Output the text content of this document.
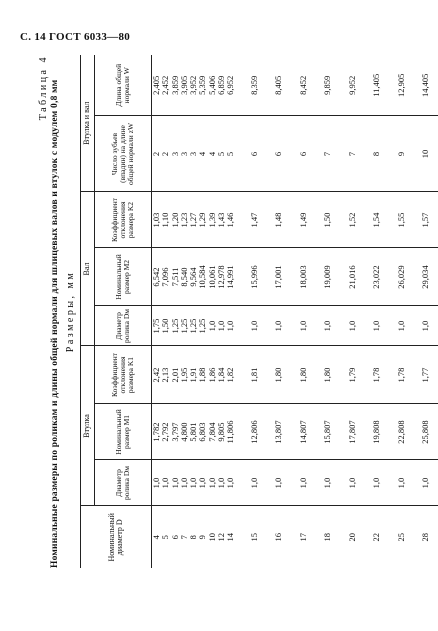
С. 14 ГОСТ 6033—80
Таблица 4 Номинальные размеры по роликам и длины общей нормали для шлицевых валов и втулок с модулем 0,8 мм Размеры, мм
Номинальный диаметр D	Втулка			Вал			Втулка и вал	
	Диаметр ролика Dм	Номинальный размер M1	Коэффициент отклонения размера K1	Диаметр ролика Dм	Номинальный размер M2	Коэффициент отклонения размера K2	Число зубьев (впадин) на длине общей нормали zW	Длина общей нормали W
4	1,0	1,782	2,42	1,75	6,542	1,03	2	2,405
5	1,0	2,792	2,13	1,50	7,096	1,10	2	2,452
6	1,0	3,797	2,01	1,25	7,511	1,20	3	3,859
7	1,0	4,800	1,95	1,25	8,540	1,23	3	3,905
8	1,0	5,801	1,91	1,25	9,564	1,27	3	3,952
9	1,0	6,803	1,88	1,25	10,584	1,29	4	5,359
10	1,0	7,804	1,86	1,0	10,061	1,39	4	5,406
12	1,0	9,805	1,84	1,0	12,978	1,43	5	6,859
14	1,0	11,806	1,82	1,0	14,991	1,46	5	6,952
15	1,0	12,806	1,81	1,0	15,996	1,47	6	8,359
16	1,0	13,807	1,80	1,0	17,001	1,48	6	8,405
17	1,0	14,807	1,80	1,0	18,003	1,49	6	8,452
18	1,0	15,807	1,80	1,0	19,009	1,50	7	9,859
20	1,0	17,807	1,79	1,0	21,016	1,52	7	9,952
22	1,0	19,808	1,78	1,0	23,022	1,54	8	11,405
25	1,0	22,808	1,78	1,0	26,029	1,55	9	12,905
28	1,0	25,808	1,77	1,0	29,034	1,57	10	14,405
